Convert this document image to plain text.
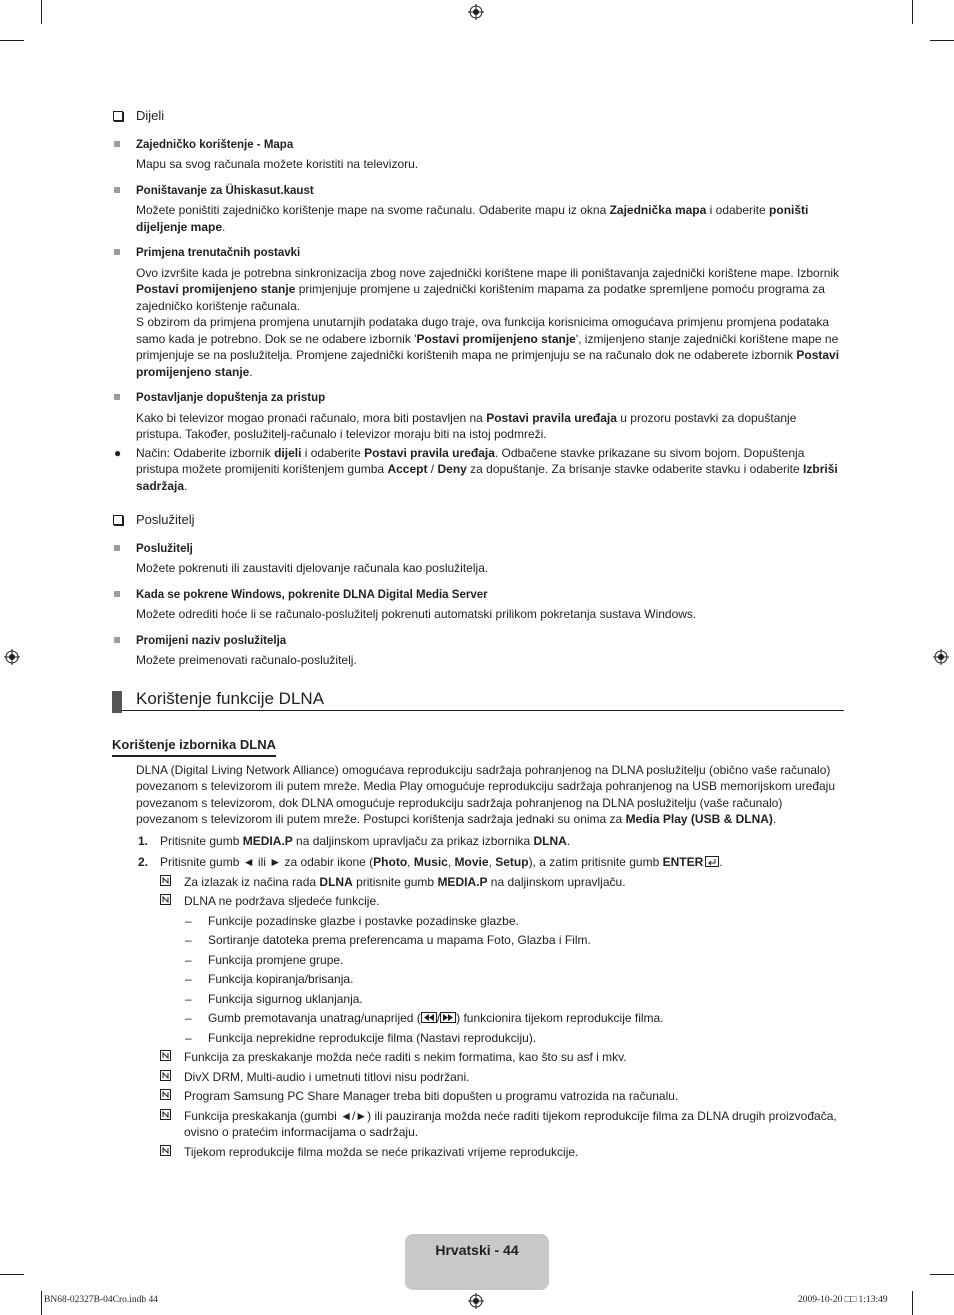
Dijeli
Zajedničko korištenje - Mapa

Mapu sa svog računala možete koristiti na televizoru.

Poništavanje za Ühiskasut.kaust

Možete poništiti zajedničko korištenje mape na svome računalu. Odaberite mapu iz okna Zajednička mapa i odaberite poništi dijeljenje mape.

Primjena trenutačnih postavki

Ovo izvršite kada je potrebna sinkronizacija zbog nove zajednički korištene mape ili poništavanja zajednički korištene mape. Izbornik Postavi promijenjeno stanje primjenjuje promjene u zajednički korištenim mapama za podatke spremljene pomoću programa za zajedničko korištenje računala.

S obzirom da primjena promjena unutarnjih podataka dugo traje, ova funkcija korisnicima omogućava primjenu promjena podataka samo kada je potrebno. Dok se ne odabere izbornik 'Postavi promijenjeno stanje', izmijenjeno stanje zajednički korištene mape ne primjenjuje se na poslužitelja. Promjene zajednički korištenih mapa ne primjenjuju se na računalo dok ne odaberete izbornik Postavi promijenjeno stanje.

Postavljanje dopuštenja za pristup

Kako bi televizor mogao pronaći računalo, mora biti postavljen na Postavi pravila uređaja u prozoru postavki za dopuštanje pristupa. Također, poslužitelj-računalo i televizor moraju biti na istoj podmreži.

● Način: Odaberite izbornik dijeli i odaberite Postavi pravila uređaja. Odbačene stavke prikazane su sivom bojom. Dopuštenja pristupa možete promijeniti korištenjem gumba Accept / Deny za dopuštanje. Za brisanje stavke odaberite stavku i odaberite Izbriši sadržaja.
Poslužitelj
Poslužitelj

Možete pokrenuti ili zaustaviti djelovanje računala kao poslužitelja.

Kada se pokrene Windows, pokrenite DLNA Digital Media Server

Možete odrediti hoće li se računalo-poslužitelj pokrenuti automatski prilikom pokretanja sustava Windows.

Promijeni naziv poslužitelja

Možete preimenovati računalo-poslužitelj.

Korištenje funkcije DLNA
Korištenje izbornika DLNA
DLNA (Digital Living Network Alliance) omogućava reprodukciju sadržaja pohranjenog na DLNA poslužitelju (obično vaše računalo) povezanom s televizorom ili putem mreže. Media Play omogućuje reprodukciju sadržaja pohranjenog na USB memorijskom uređaju povezanom s televizorom, dok DLNA omogućuje reprodukciju sadržaja pohranjenog na DLNA poslužitelju (vaše računalo) povezanom s televizorom ili putem mreže. Postupci korištenja sadržaja jednaki su onima za Media Play (USB & DLNA).
1. Pritisnite gumb MEDIA.P na daljinskom upravljaču za prikaz izbornika DLNA.
2. Pritisnite gumb ◄ ili ► za odabir ikone (Photo, Music, Movie, Setup), a zatim pritisnite gumb ENTER .
Za izlazak iz načina rada DLNA pritisnite gumb MEDIA.P na daljinskom upravljaču.
DLNA ne podržava sljedeće funkcije.
– Funkcije pozadinske glazbe i postavke pozadinske glazbe.
– Sortiranje datoteka prema preferencama u mapama Foto, Glazba i Film.
– Funkcija promjene grupe.
– Funkcija kopiranja/brisanja.
– Funkcija sigurnog uklanjanja.
– Gumb premotavanja unatrag/unaprijed ( / ) funkcionira tijekom reprodukcije filma.
– Funkcija neprekidne reprodukcije filma (Nastavi reprodukciju).
Funkcija za preskakanje možda neće raditi s nekim formatima, kao što su asf i mkv.
DivX DRM, Multi-audio i umetnuti titlovi nisu podržani.
Program Samsung PC Share Manager treba biti dopušten u programu vatrozida na računalu.
Funkcija preskakanja (gumbi ◄/►) ili pauziranja možda neće raditi tijekom reprodukcije filma za DLNA drugih proizvođača, ovisno o pratećim informacijama o sadržaju.
Tijekom reprodukcije filma možda se neće prikazivati vrijeme reprodukcije.
Hrvatski - 44
BN68-02327B-04Cro.indb 44	2009-10-20 □□ 1:13:49
